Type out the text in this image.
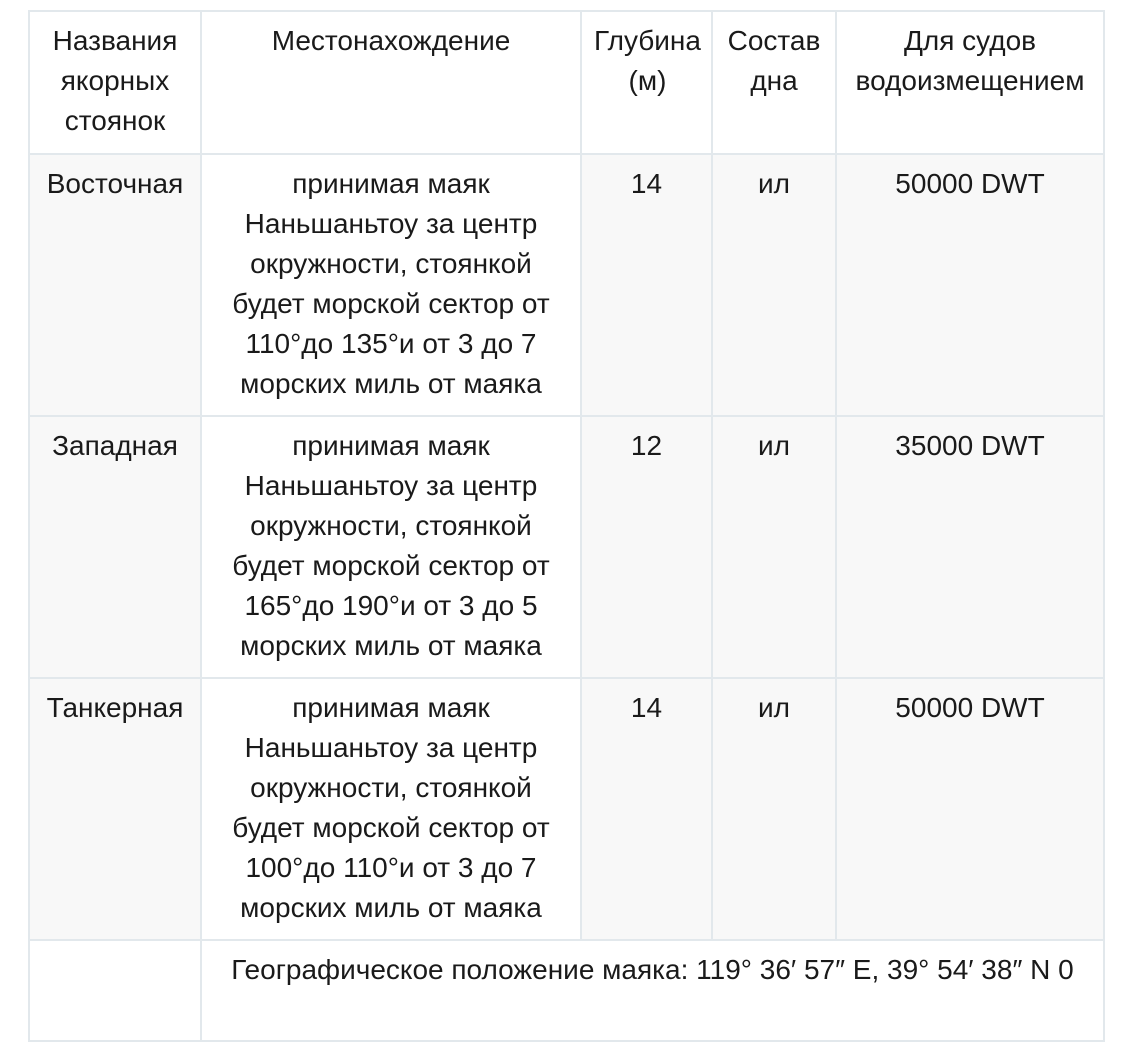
Названия якорных стоянок	Местонахождение	Глубина (м)	Состав дна	Для судов водоизмещением
Восточная	принимая маяк Наньшаньтоу за центр окружности, стоянкой будет морской сектор от 110°до 135°и от 3 до 7 морских миль от маяка	14	ил	50000 DWT
Западная	принимая маяк Наньшаньтоу за центр окружности, стоянкой будет морской сектор от 165°до 190°и от 3 до 5 морских миль от маяка	12	ил	35000 DWT
Танкерная	принимая маяк Наньшаньтоу за центр окружности, стоянкой будет морской сектор от 100°до 110°и от 3 до 7 морских миль от маяка	14	ил	50000 DWT
	Географическое положение маяка: 119° 36′ 57″ E, 39° 54′ 38″ N 0			
